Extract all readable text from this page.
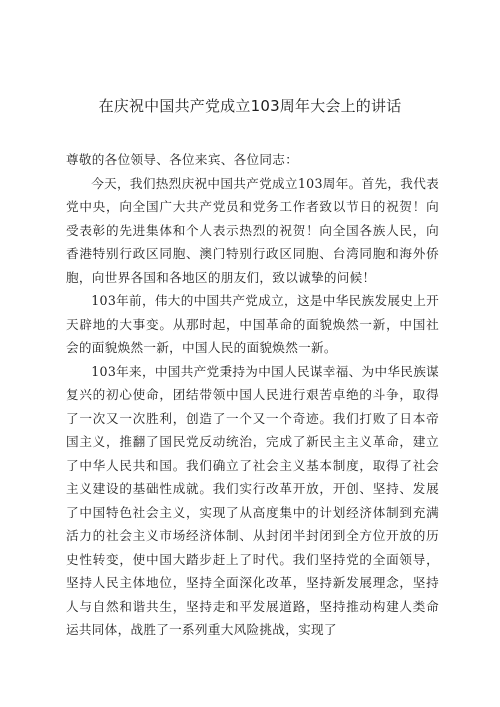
在庆祝中国共产党成立103周年大会上的讲话

尊敬的各位领导、各位来宾、各位同志：

今天，我们热烈庆祝中国共产党成立103周年。首先，我代表党中央，向全国广大共产党员和党务工作者致以节日的祝贺！向受表彰的先进集体和个人表示热烈的祝贺！向全国各族人民，向香港特别行政区同胞、澳门特别行政区同胞、台湾同胞和海外侨胞，向世界各国和各地区的朋友们，致以诚挚的问候！

103年前，伟大的中国共产党成立，这是中华民族发展史上开天辟地的大事变。从那时起，中国革命的面貌焕然一新，中国社会的面貌焕然一新，中国人民的面貌焕然一新。

103年来，中国共产党秉持为中国人民谋幸福、为中华民族谋复兴的初心使命，团结带领中国人民进行艰苦卓绝的斗争，取得了一次又一次胜利，创造了一个又一个奇迹。我们打败了日本帝国主义，推翻了国民党反动统治，完成了新民主主义革命，建立了中华人民共和国。我们确立了社会主义基本制度，取得了社会主义建设的基础性成就。我们实行改革开放，开创、坚持、发展了中国特色社会主义，实现了从高度集中的计划经济体制到充满活力的社会主义市场经济体制、从封闭半封闭到全方位开放的历史性转变，使中国大踏步赶上了时代。我们坚持党的全面领导，坚持人民主体地位，坚持全面深化改革，坚持新发展理念，坚持人与自然和谐共生，坚持走和平发展道路，坚持推动构建人类命运共同体，战胜了一系列重大风险挑战，实现了
